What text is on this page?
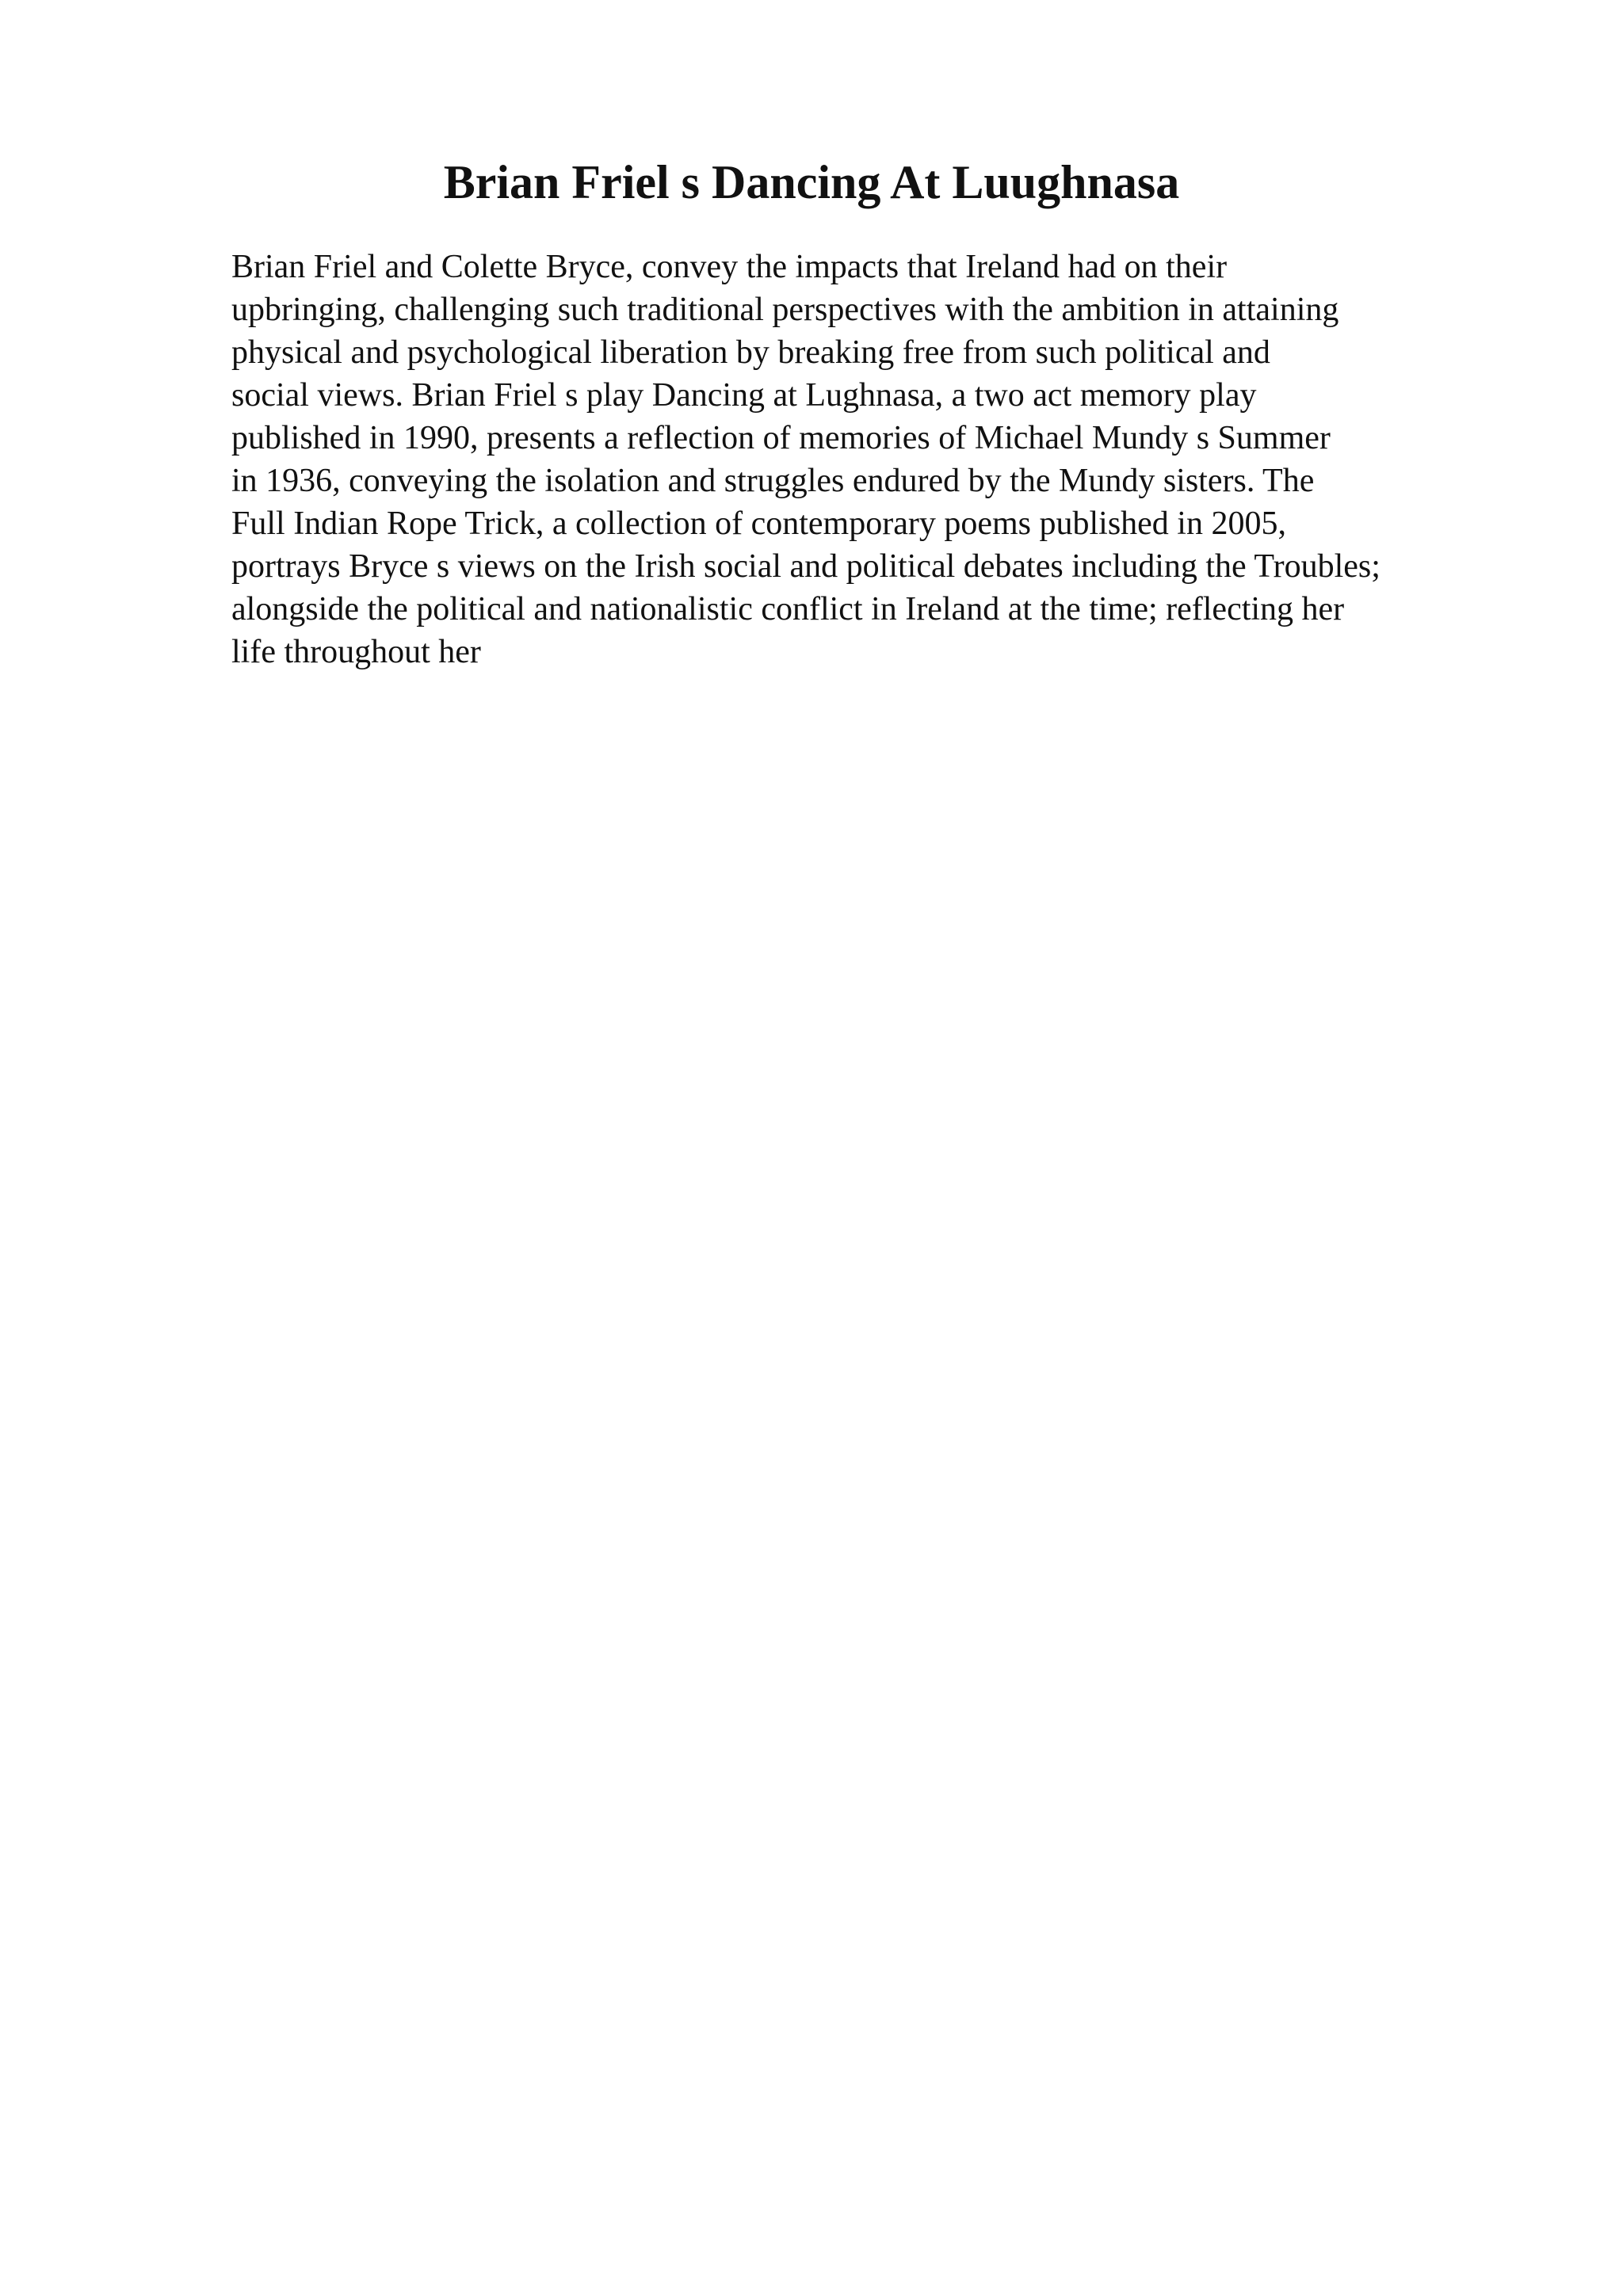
Brian Friel s Dancing At Luughnasa
Brian Friel and Colette Bryce, convey the impacts that Ireland had on their
upbringing, challenging such traditional perspectives with the ambition in attaining
physical and psychological liberation by breaking free from such political and
social views. Brian Friel s play Dancing at Lughnasa, a two act memory play
published in 1990, presents a reflection of memories of Michael Mundy s Summer
in 1936, conveying the isolation and struggles endured by the Mundy sisters. The
Full Indian Rope Trick, a collection of contemporary poems published in 2005,
portrays Bryce s views on the Irish social and political debates including the Troubles;
alongside the political and nationalistic conflict in Ireland at the time; reflecting her
life throughout her
